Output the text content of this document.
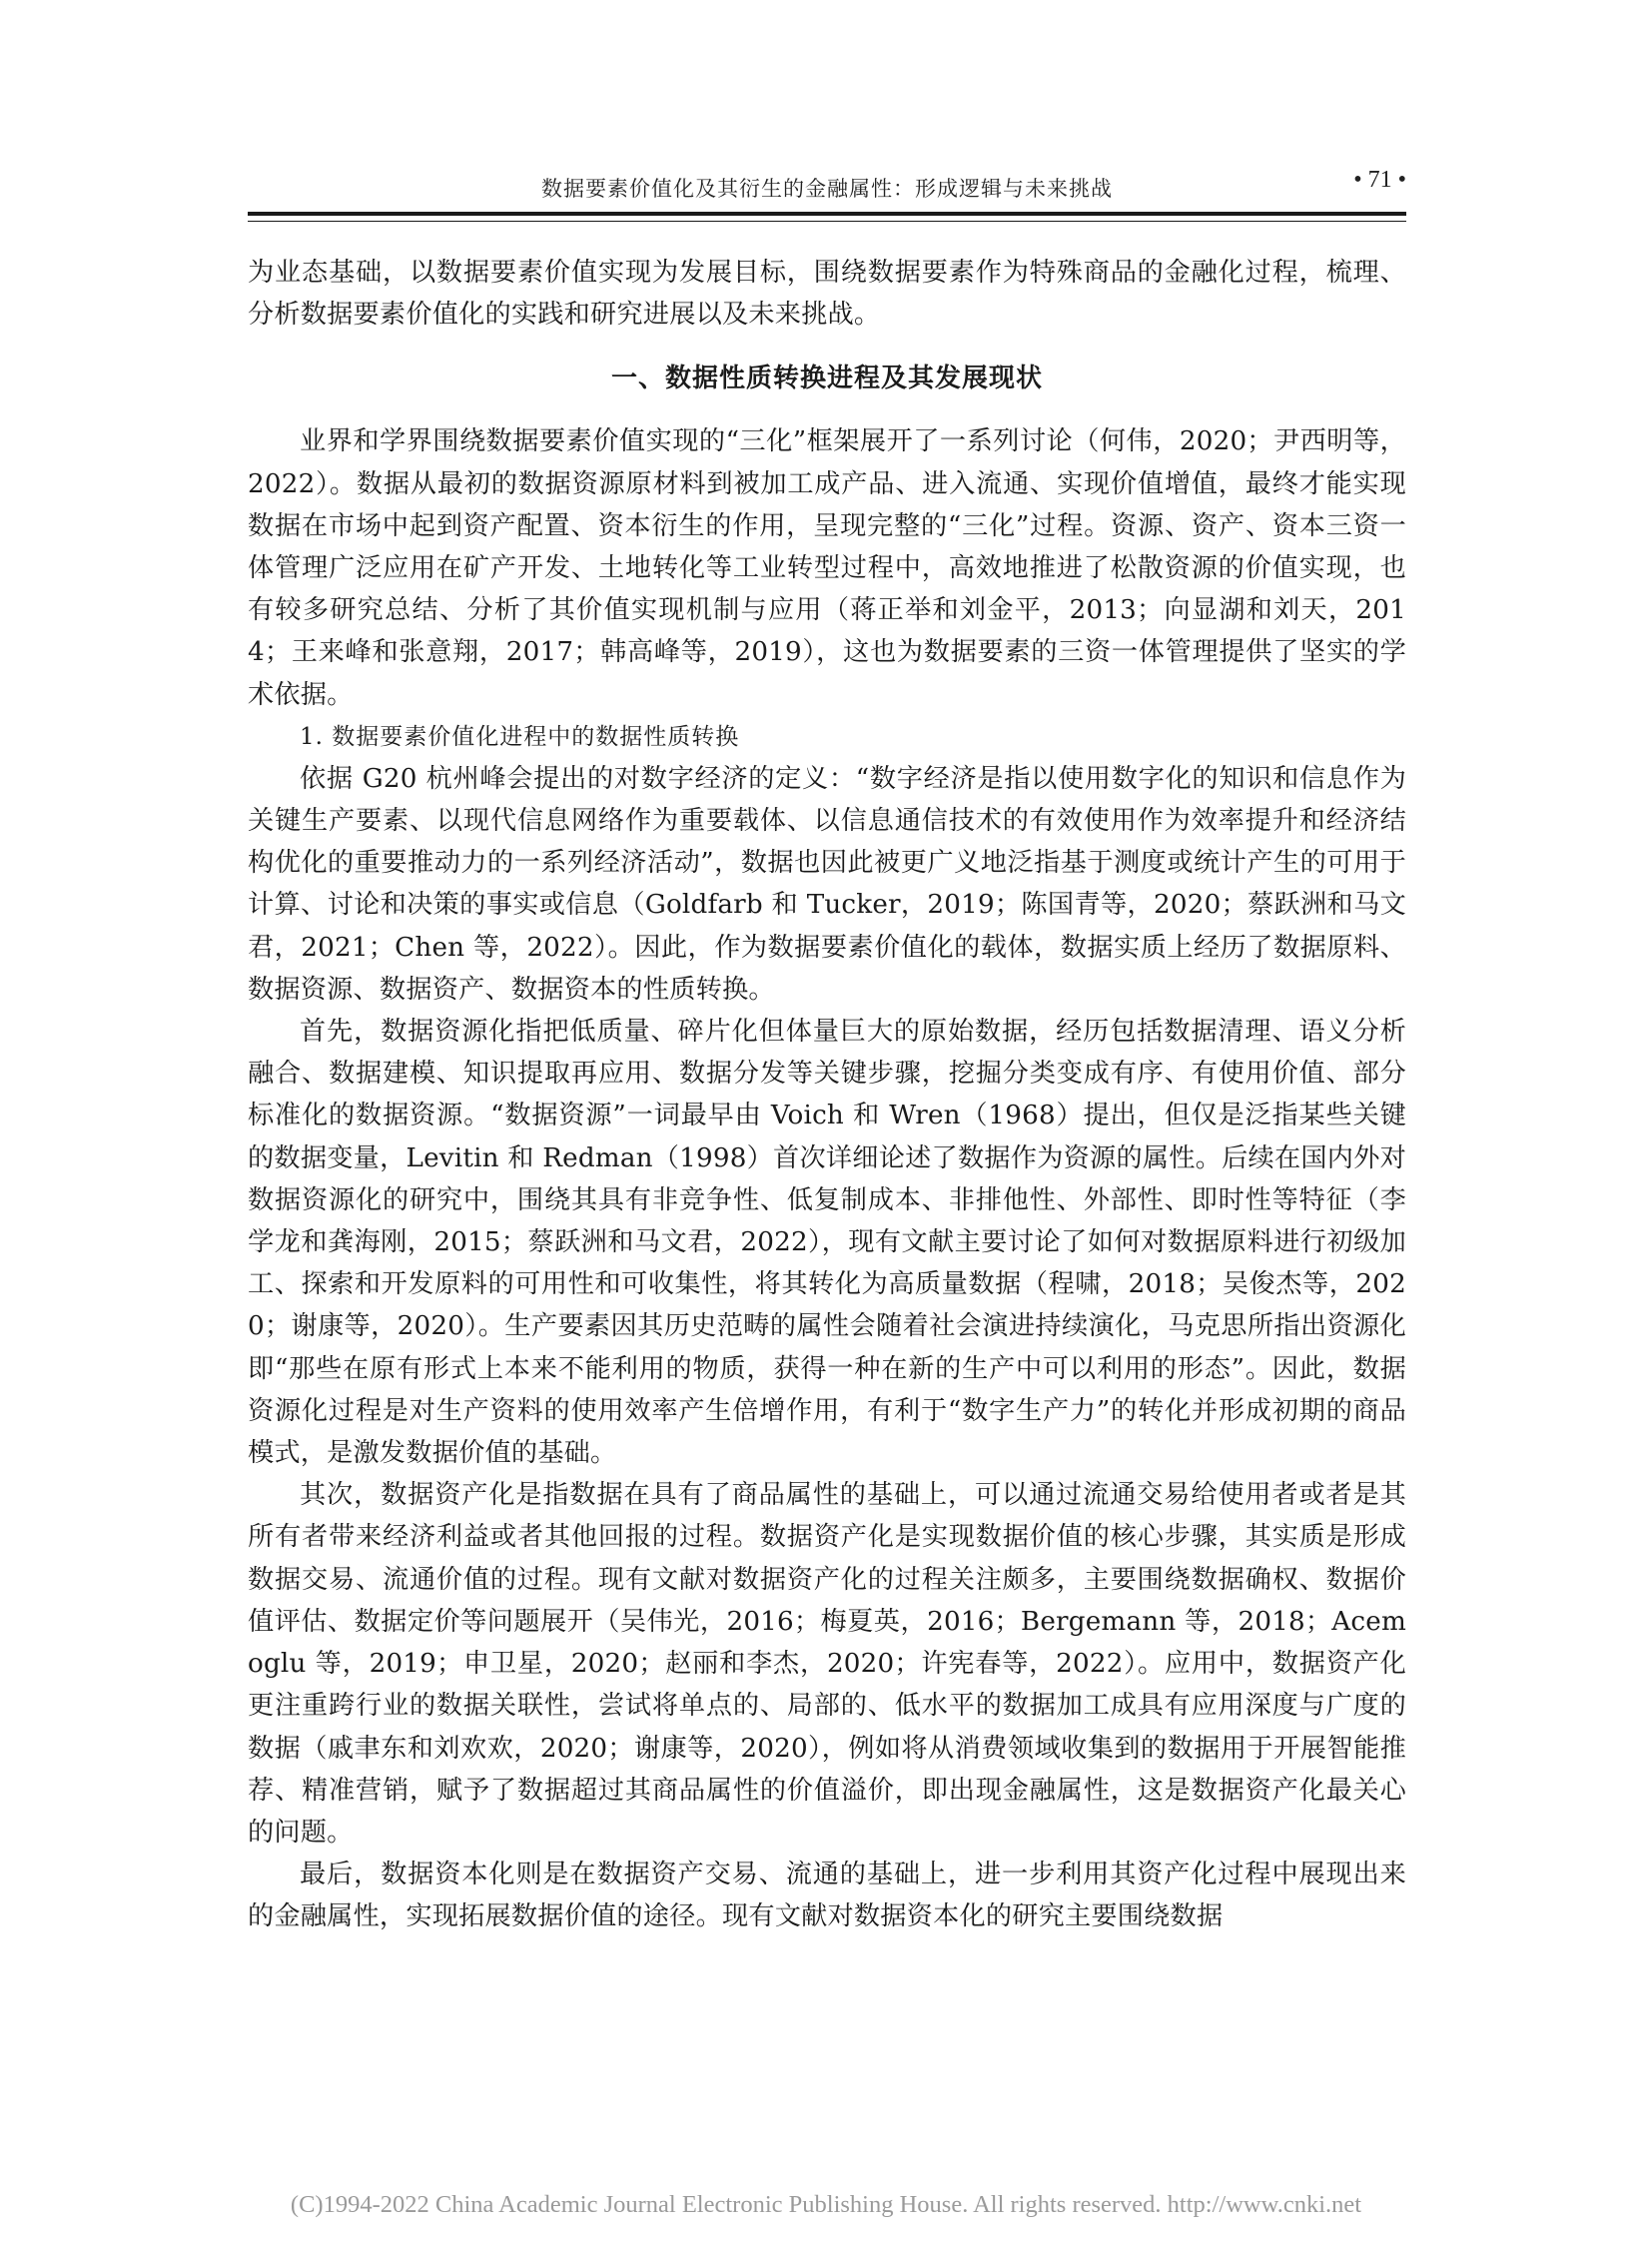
数据要素价值化及其衍生的金融属性：形成逻辑与未来挑战	• 71 •

为业态基础，以数据要素价值实现为发展目标，围绕数据要素作为特殊商品的金融化过程，梳理、分析数据要素价值化的实践和研究进展以及未来挑战。

一、数据性质转换进程及其发展现状

业界和学界围绕数据要素价值实现的“三化”框架展开了一系列讨论（何伟，2020；尹西明等，2022）。数据从最初的数据资源原材料到被加工成产品、进入流通、实现价值增值，最终才能实现数据在市场中起到资产配置、资本衍生的作用，呈现完整的“三化”过程。资源、资产、资本三资一体管理广泛应用在矿产开发、土地转化等工业转型过程中，高效地推进了松散资源的价值实现，也有较多研究总结、分析了其价值实现机制与应用（蒋正举和刘金平，2013；向显湖和刘天，2014；王来峰和张意翔，2017；韩高峰等，2019），这也为数据要素的三资一体管理提供了坚实的学术依据。

1. 数据要素价值化进程中的数据性质转换

依据 G20 杭州峰会提出的对数字经济的定义：“数字经济是指以使用数字化的知识和信息作为关键生产要素、以现代信息网络作为重要载体、以信息通信技术的有效使用作为效率提升和经济结构优化的重要推动力的一系列经济活动”，数据也因此被更广义地泛指基于测度或统计产生的可用于计算、讨论和决策的事实或信息（Goldfarb 和 Tucker，2019；陈国青等，2020；蔡跃洲和马文君，2021；Chen 等，2022）。因此，作为数据要素价值化的载体，数据实质上经历了数据原料、数据资源、数据资产、数据资本的性质转换。

首先，数据资源化指把低质量、碎片化但体量巨大的原始数据，经历包括数据清理、语义分析融合、数据建模、知识提取再应用、数据分发等关键步骤，挖掘分类变成有序、有使用价值、部分标准化的数据资源。“数据资源”一词最早由 Voich 和 Wren（1968）提出，但仅是泛指某些关键的数据变量，Levitin 和 Redman（1998）首次详细论述了数据作为资源的属性。后续在国内外对数据资源化的研究中，围绕其具有非竞争性、低复制成本、非排他性、外部性、即时性等特征（李学龙和龚海刚，2015；蔡跃洲和马文君，2022），现有文献主要讨论了如何对数据原料进行初级加工、探索和开发原料的可用性和可收集性，将其转化为高质量数据（程啸，2018；吴俊杰等，2020；谢康等，2020）。生产要素因其历史范畴的属性会随着社会演进持续演化，马克思所指出资源化即“那些在原有形式上本来不能利用的物质，获得一种在新的生产中可以利用的形态”。因此，数据资源化过程是对生产资料的使用效率产生倍增作用，有利于“数字生产力”的转化并形成初期的商品模式，是激发数据价值的基础。

其次，数据资产化是指数据在具有了商品属性的基础上，可以通过流通交易给使用者或者是其所有者带来经济利益或者其他回报的过程。数据资产化是实现数据价值的核心步骤，其实质是形成数据交易、流通价值的过程。现有文献对数据资产化的过程关注颇多，主要围绕数据确权、数据价值评估、数据定价等问题展开（吴伟光，2016；梅夏英，2016；Bergemann 等，2018；Acemoglu 等，2019；申卫星，2020；赵丽和李杰，2020；许宪春等，2022）。应用中，数据资产化更注重跨行业的数据关联性，尝试将单点的、局部的、低水平的数据加工成具有应用深度与广度的数据（戚聿东和刘欢欢，2020；谢康等，2020），例如将从消费领域收集到的数据用于开展智能推荐、精准营销，赋予了数据超过其商品属性的价值溢价，即出现金融属性，这是数据资产化最关心的问题。

最后，数据资本化则是在数据资产交易、流通的基础上，进一步利用其资产化过程中展现出来的金融属性，实现拓展数据价值的途径。现有文献对数据资本化的研究主要围绕数据

(C)1994-2022 China Academic Journal Electronic Publishing House. All rights reserved. http://www.cnki.net
